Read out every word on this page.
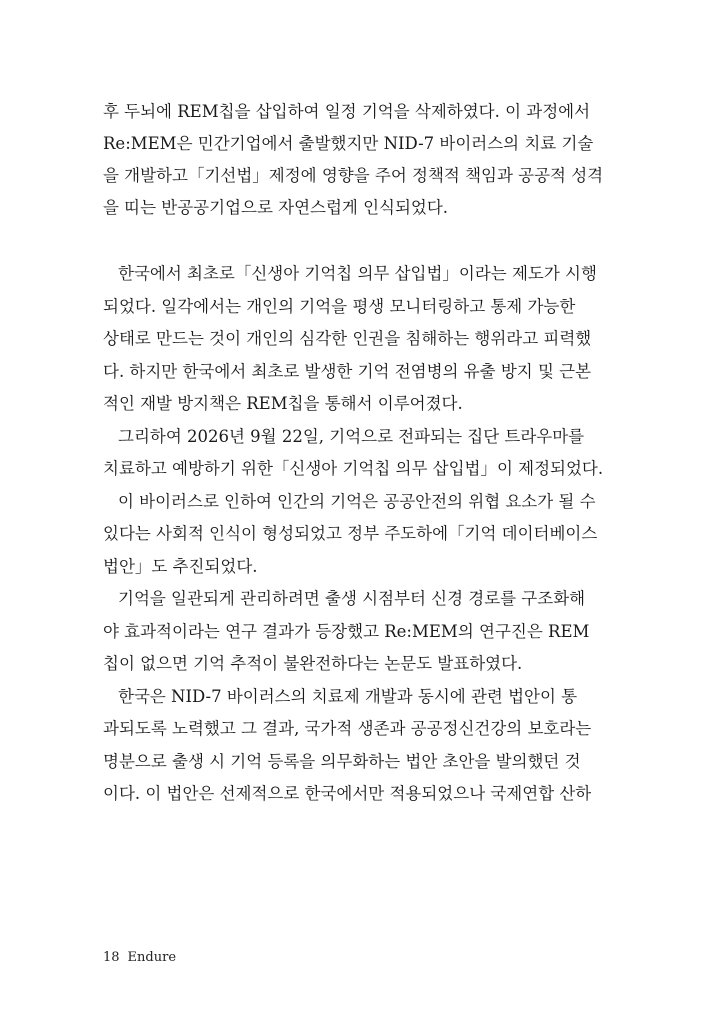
후 두뇌에 REM칩을 삽입하여 일정 기억을 삭제하였다. 이 과정에서
Re:MEM은 민간기업에서 출발했지만 NID-7 바이러스의 치료 기술
을 개발하고「기선법」제정에 영향을 주어 정책적 책임과 공공적 성격
을 띠는 반공공기업으로 자연스럽게 인식되었다.
한국에서 최초로「신생아 기억칩 의무 삽입법」이라는 제도가 시행
되었다. 일각에서는 개인의 기억을 평생 모니터링하고 통제 가능한
상태로 만드는 것이 개인의 심각한 인권을 침해하는 행위라고 피력했
다. 하지만 한국에서 최초로 발생한 기억 전염병의 유출 방지 및 근본
적인 재발 방지책은 REM칩을 통해서 이루어졌다.
그리하여 2026년 9월 22일, 기억으로 전파되는 집단 트라우마를
치료하고 예방하기 위한「신생아 기억칩 의무 삽입법」이 제정되었다.
이 바이러스로 인하여 인간의 기억은 공공안전의 위협 요소가 될 수
있다는 사회적 인식이 형성되었고 정부 주도하에「기억 데이터베이스
법안」도 추진되었다.
기억을 일관되게 관리하려면 출생 시점부터 신경 경로를 구조화해
야 효과적이라는 연구 결과가 등장했고 Re:MEM의 연구진은 REM
칩이 없으면 기억 추적이 불완전하다는 논문도 발표하였다.
한국은 NID-7 바이러스의 치료제 개발과 동시에 관련 법안이 통
과되도록 노력했고 그 결과, 국가적 생존과 공공정신건강의 보호라는
명분으로 출생 시 기억 등록을 의무화하는 법안 초안을 발의했던 것
이다. 이 법안은 선제적으로 한국에서만 적용되었으나 국제연합 산하
18 Endure
